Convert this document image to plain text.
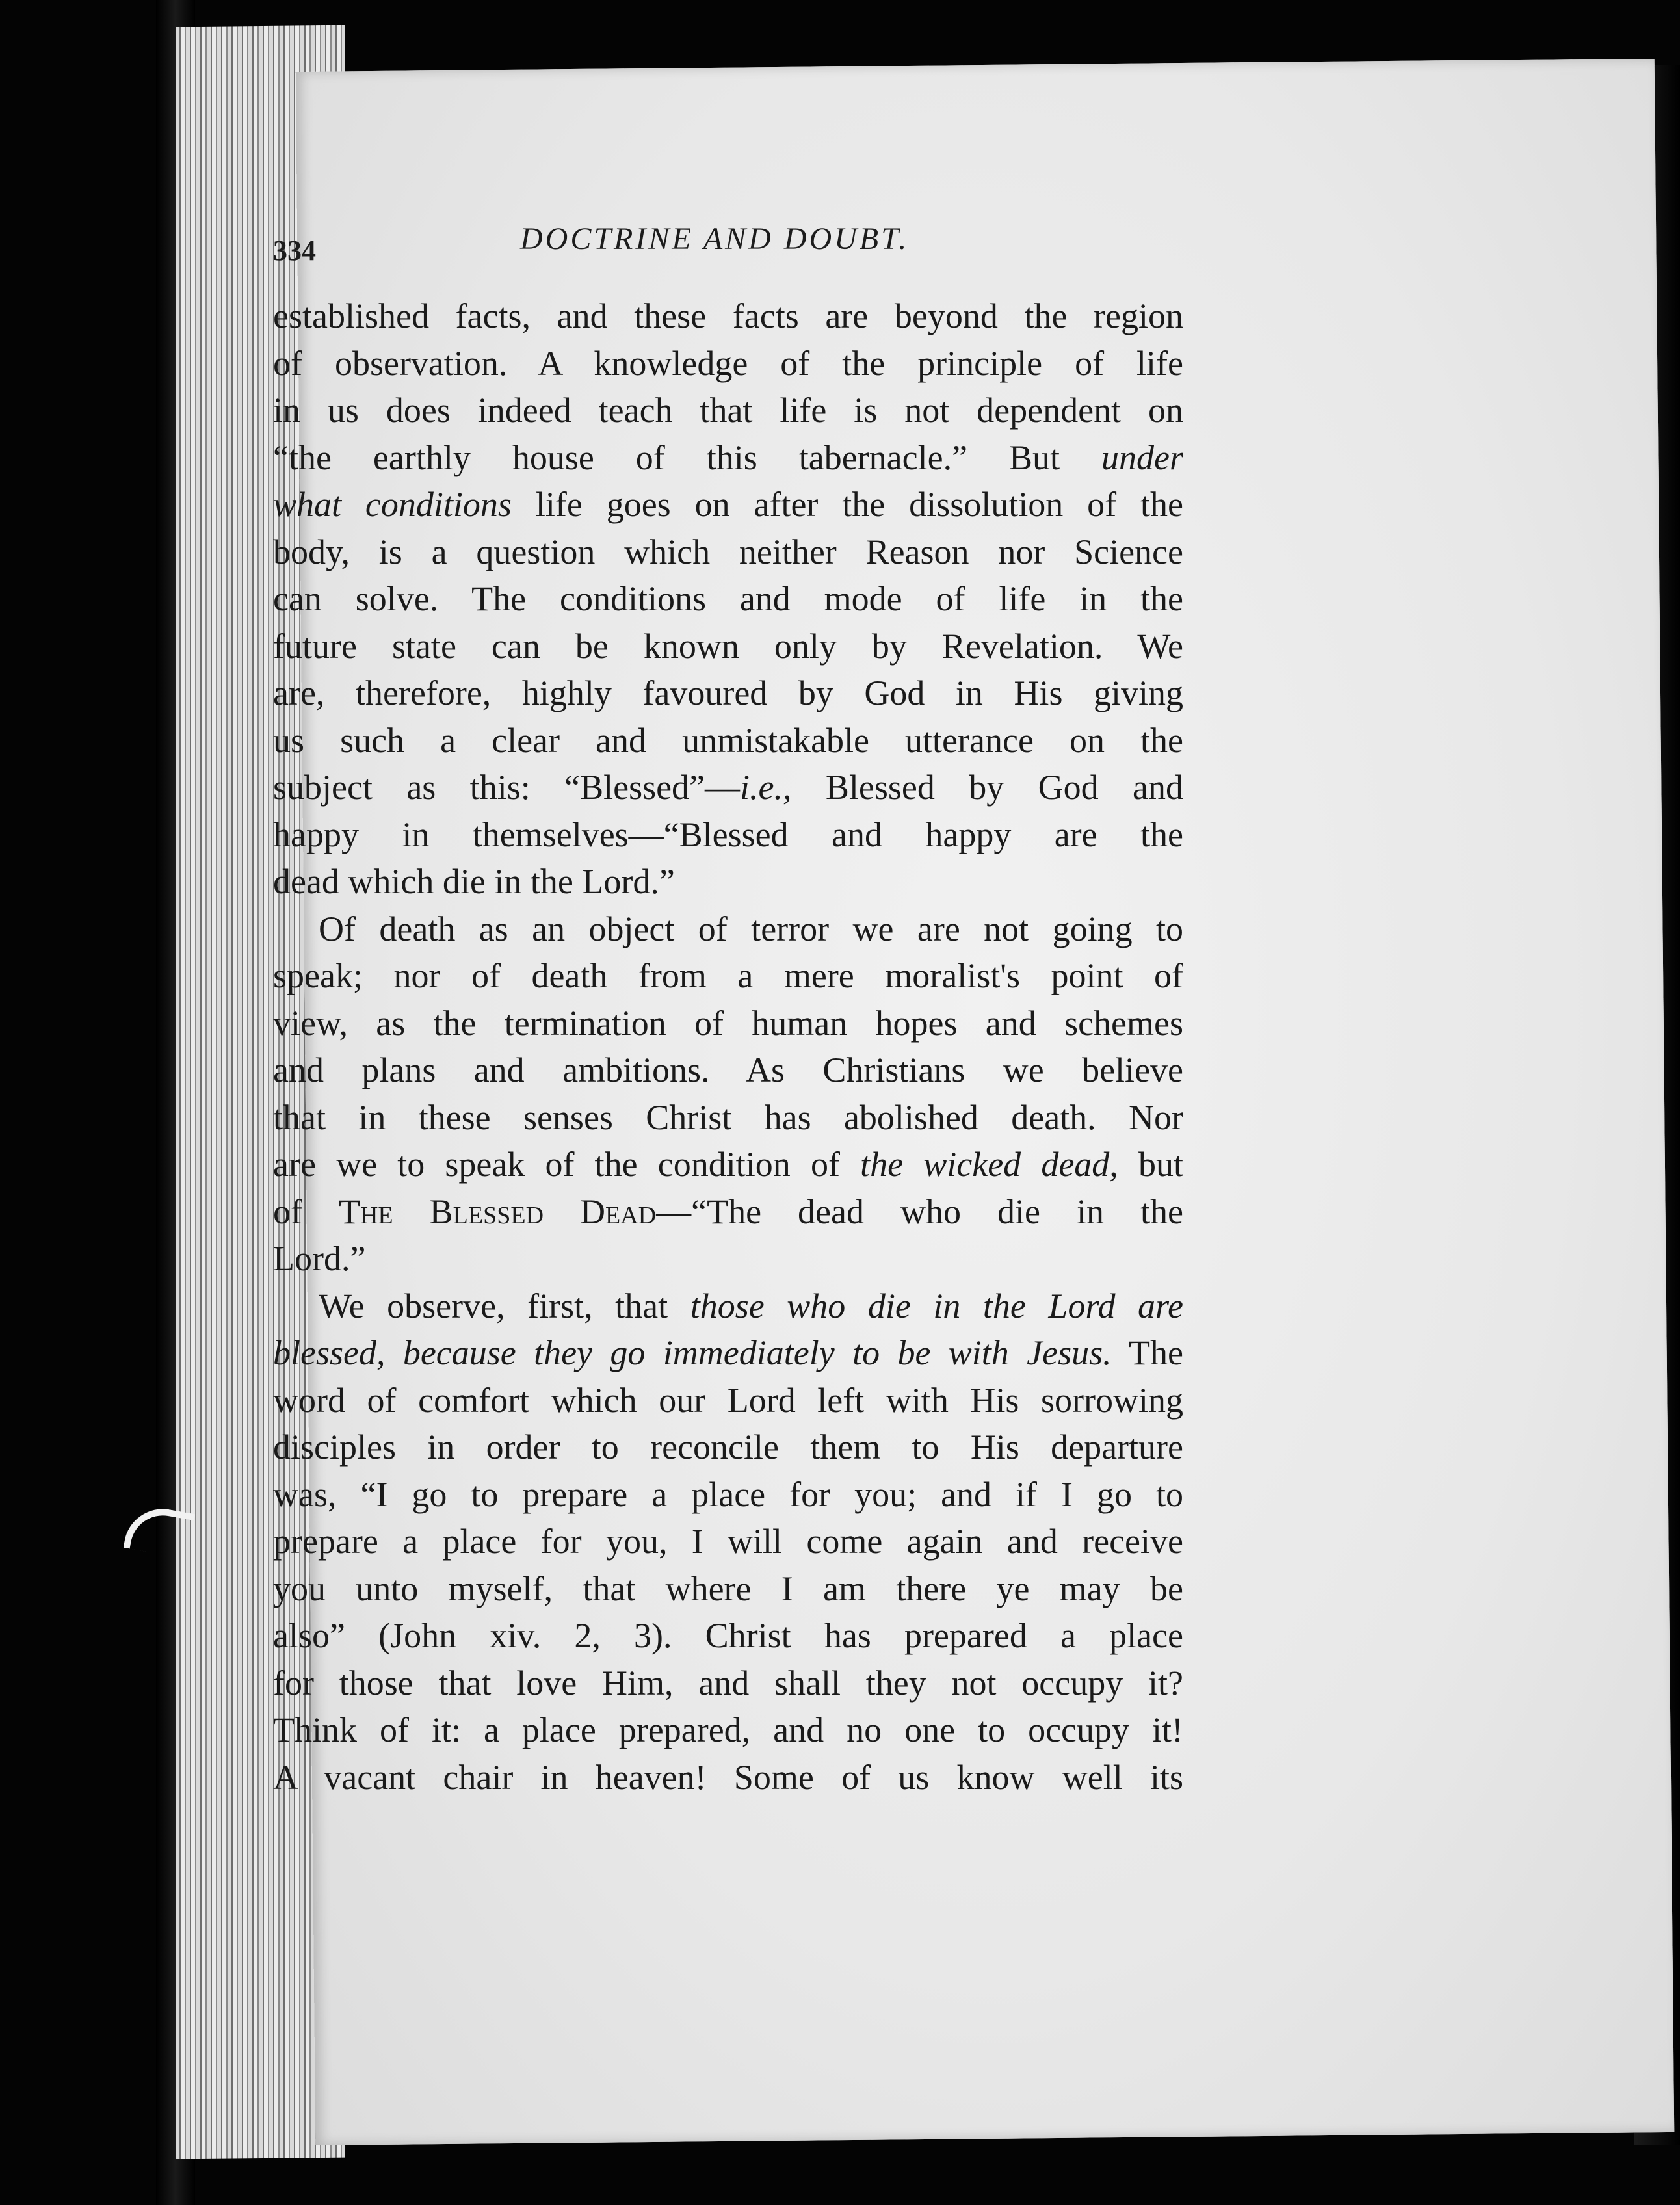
334	DOCTRINE AND DOUBT.
established facts, and these facts are beyond the region
of observation. A knowledge of the principle of life
in us does indeed teach that life is not dependent on
“the earthly house of this tabernacle.” But under
what conditions life goes on after the dissolution of the
body, is a question which neither Reason nor Science
can solve. The conditions and mode of life in the
future state can be known only by Revelation. We
are, therefore, highly favoured by God in His giving
us such a clear and unmistakable utterance on the
subject as this: “Blessed”—i.e., Blessed by God and
happy in themselves—“Blessed and happy are the
dead which die in the Lord.”
Of death as an object of terror we are not going to
speak; nor of death from a mere moralist's point of
view, as the termination of human hopes and schemes
and plans and ambitions. As Christians we believe
that in these senses Christ has abolished death. Nor
are we to speak of the condition of the wicked dead, but
of The Blessed Dead—“The dead who die in the
Lord.”
We observe, first, that those who die in the Lord are
blessed, because they go immediately to be with Jesus. The
word of comfort which our Lord left with His sorrowing
disciples in order to reconcile them to His departure
was, “I go to prepare a place for you; and if I go to
prepare a place for you, I will come again and receive
you unto myself, that where I am there ye may be
also” (John xiv. 2, 3). Christ has prepared a place
for those that love Him, and shall they not occupy it?
Think of it: a place prepared, and no one to occupy it!
A vacant chair in heaven! Some of us know well its
